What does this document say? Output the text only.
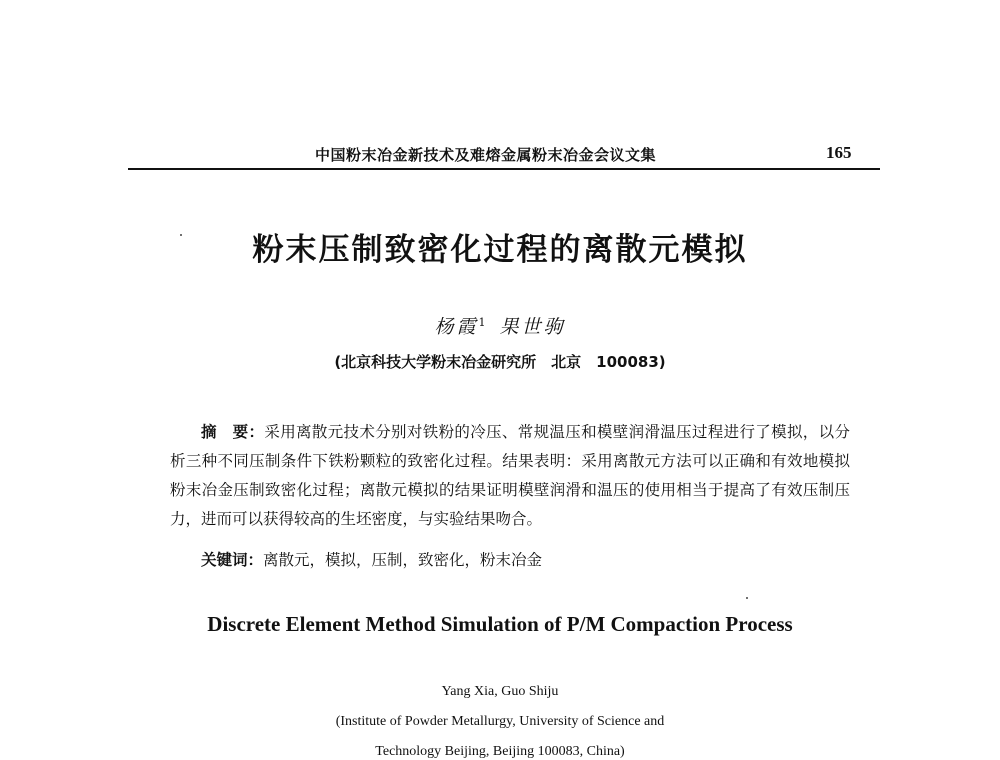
中国粉末冶金新技术及难熔金属粉末冶金会议文集	165
粉末压制致密化过程的离散元模拟
杨霞$^1$ 果世驹
(北京科技大学粉末冶金研究所　北京　100083)

摘　要：采用离散元技术分别对铁粉的冷压、常规温压和模壁润滑温压过程进行了模拟，以分析三种不同压制条件下铁粉颗粒的致密化过程。结果表明：采用离散元方法可以正确和有效地模拟粉末冶金压制致密化过程；离散元模拟的结果证明模壁润滑和温压的使用相当于提高了有效压制压力，进而可以获得较高的生坯密度，与实验结果吻合。

关键词：离散元，模拟，压制，致密化，粉末冶金
Discrete Element Method Simulation of P/M Compaction Process
Yang Xia, Guo Shiju
(Institute of Powder Metallurgy, University of Science and
Technology Beijing, Beijing 100083, China)
